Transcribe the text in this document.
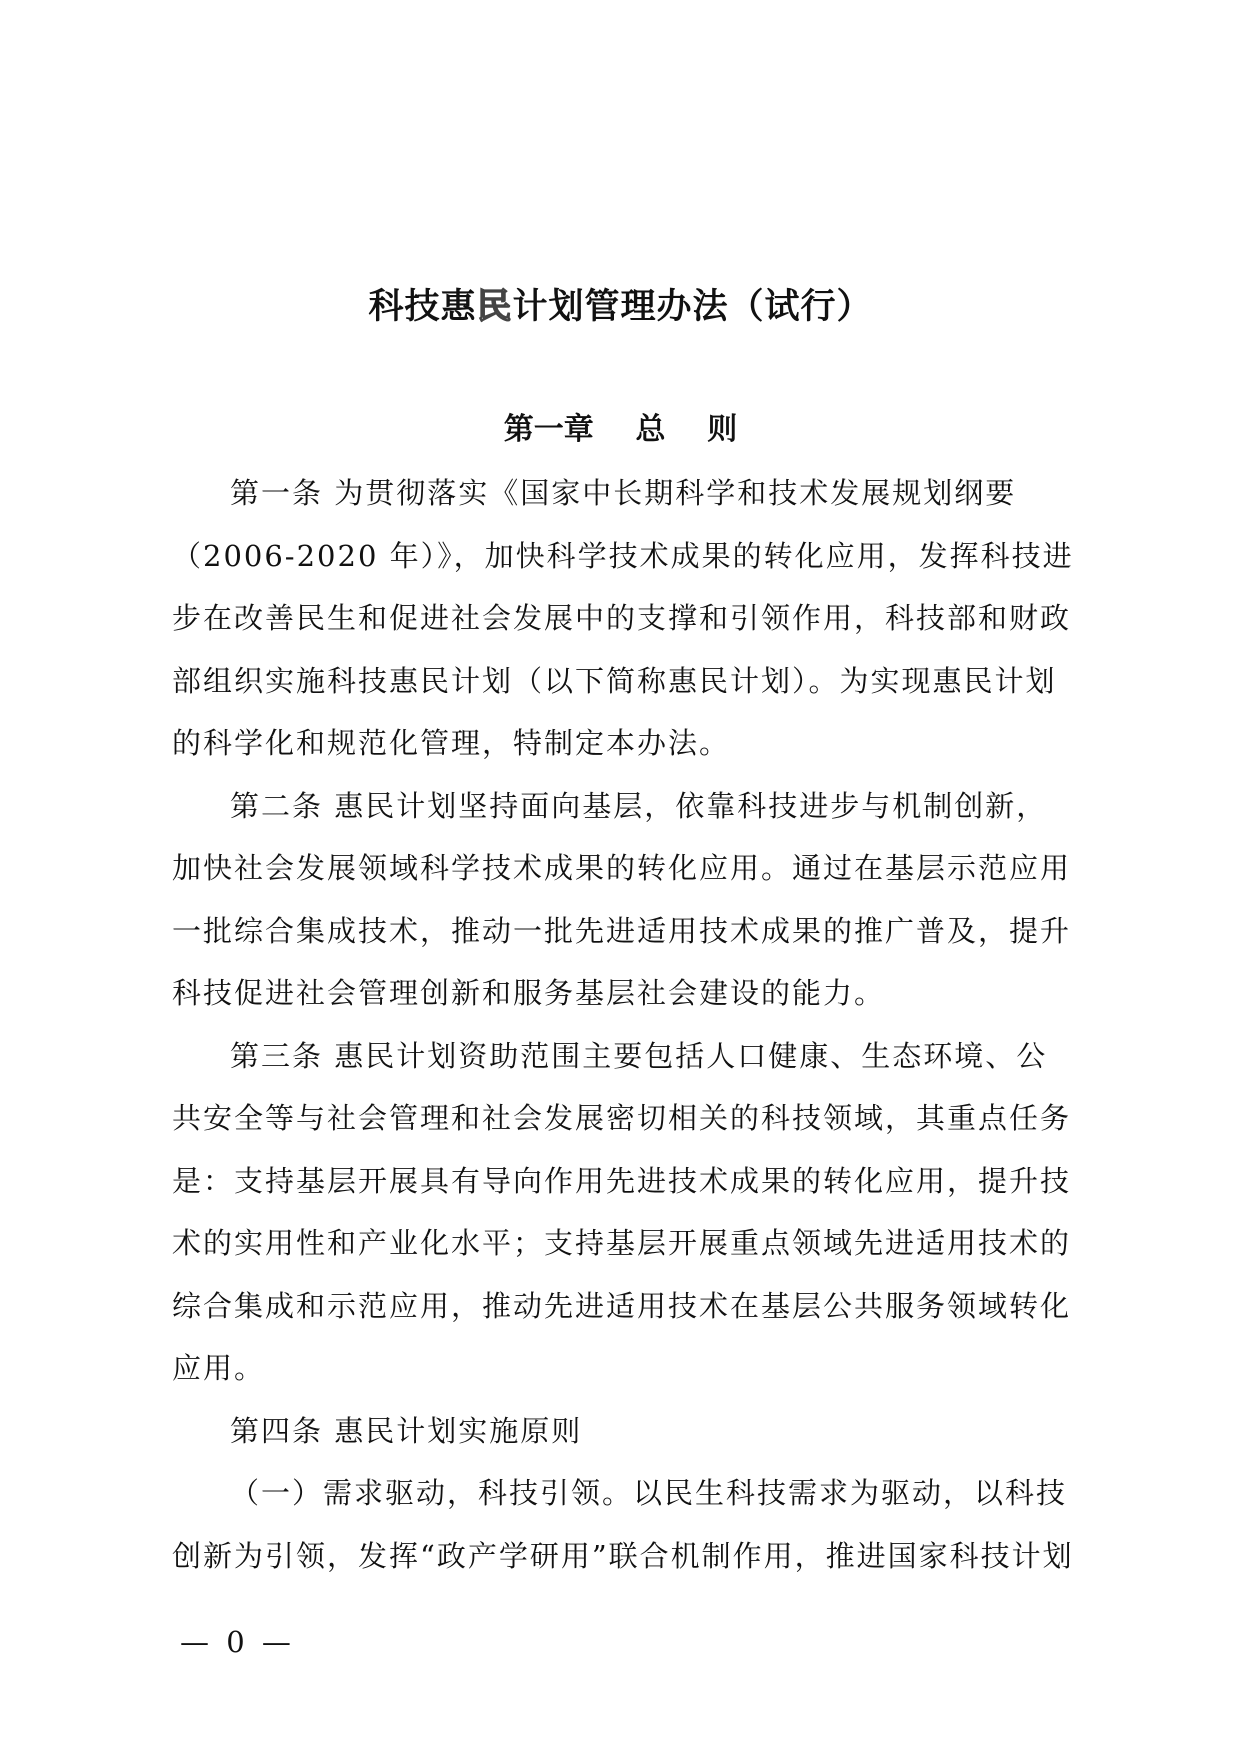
科技惠民计划管理办法（试行）
第一章    总    则

第一条 为贯彻落实《国家中长期科学和技术发展规划纲要
（2006-2020 年）》，加快科学技术成果的转化应用，发挥科技进
步在改善民生和促进社会发展中的支撑和引领作用，科技部和财政
部组织实施科技惠民计划（以下简称惠民计划）。为实现惠民计划
的科学化和规范化管理，特制定本办法。

第二条 惠民计划坚持面向基层，依靠科技进步与机制创新，
加快社会发展领域科学技术成果的转化应用。通过在基层示范应用
一批综合集成技术，推动一批先进适用技术成果的推广普及，提升
科技促进社会管理创新和服务基层社会建设的能力。

第三条 惠民计划资助范围主要包括人口健康、生态环境、公
共安全等与社会管理和社会发展密切相关的科技领域，其重点任务
是：支持基层开展具有导向作用先进技术成果的转化应用，提升技
术的实用性和产业化水平；支持基层开展重点领域先进适用技术的
综合集成和示范应用，推动先进适用技术在基层公共服务领域转化
应用。

第四条 惠民计划实施原则

（一）需求驱动，科技引领。以民生科技需求为驱动，以科技
创新为引领，发挥“政产学研用”联合机制作用，推进国家科技计划

— 0 —
